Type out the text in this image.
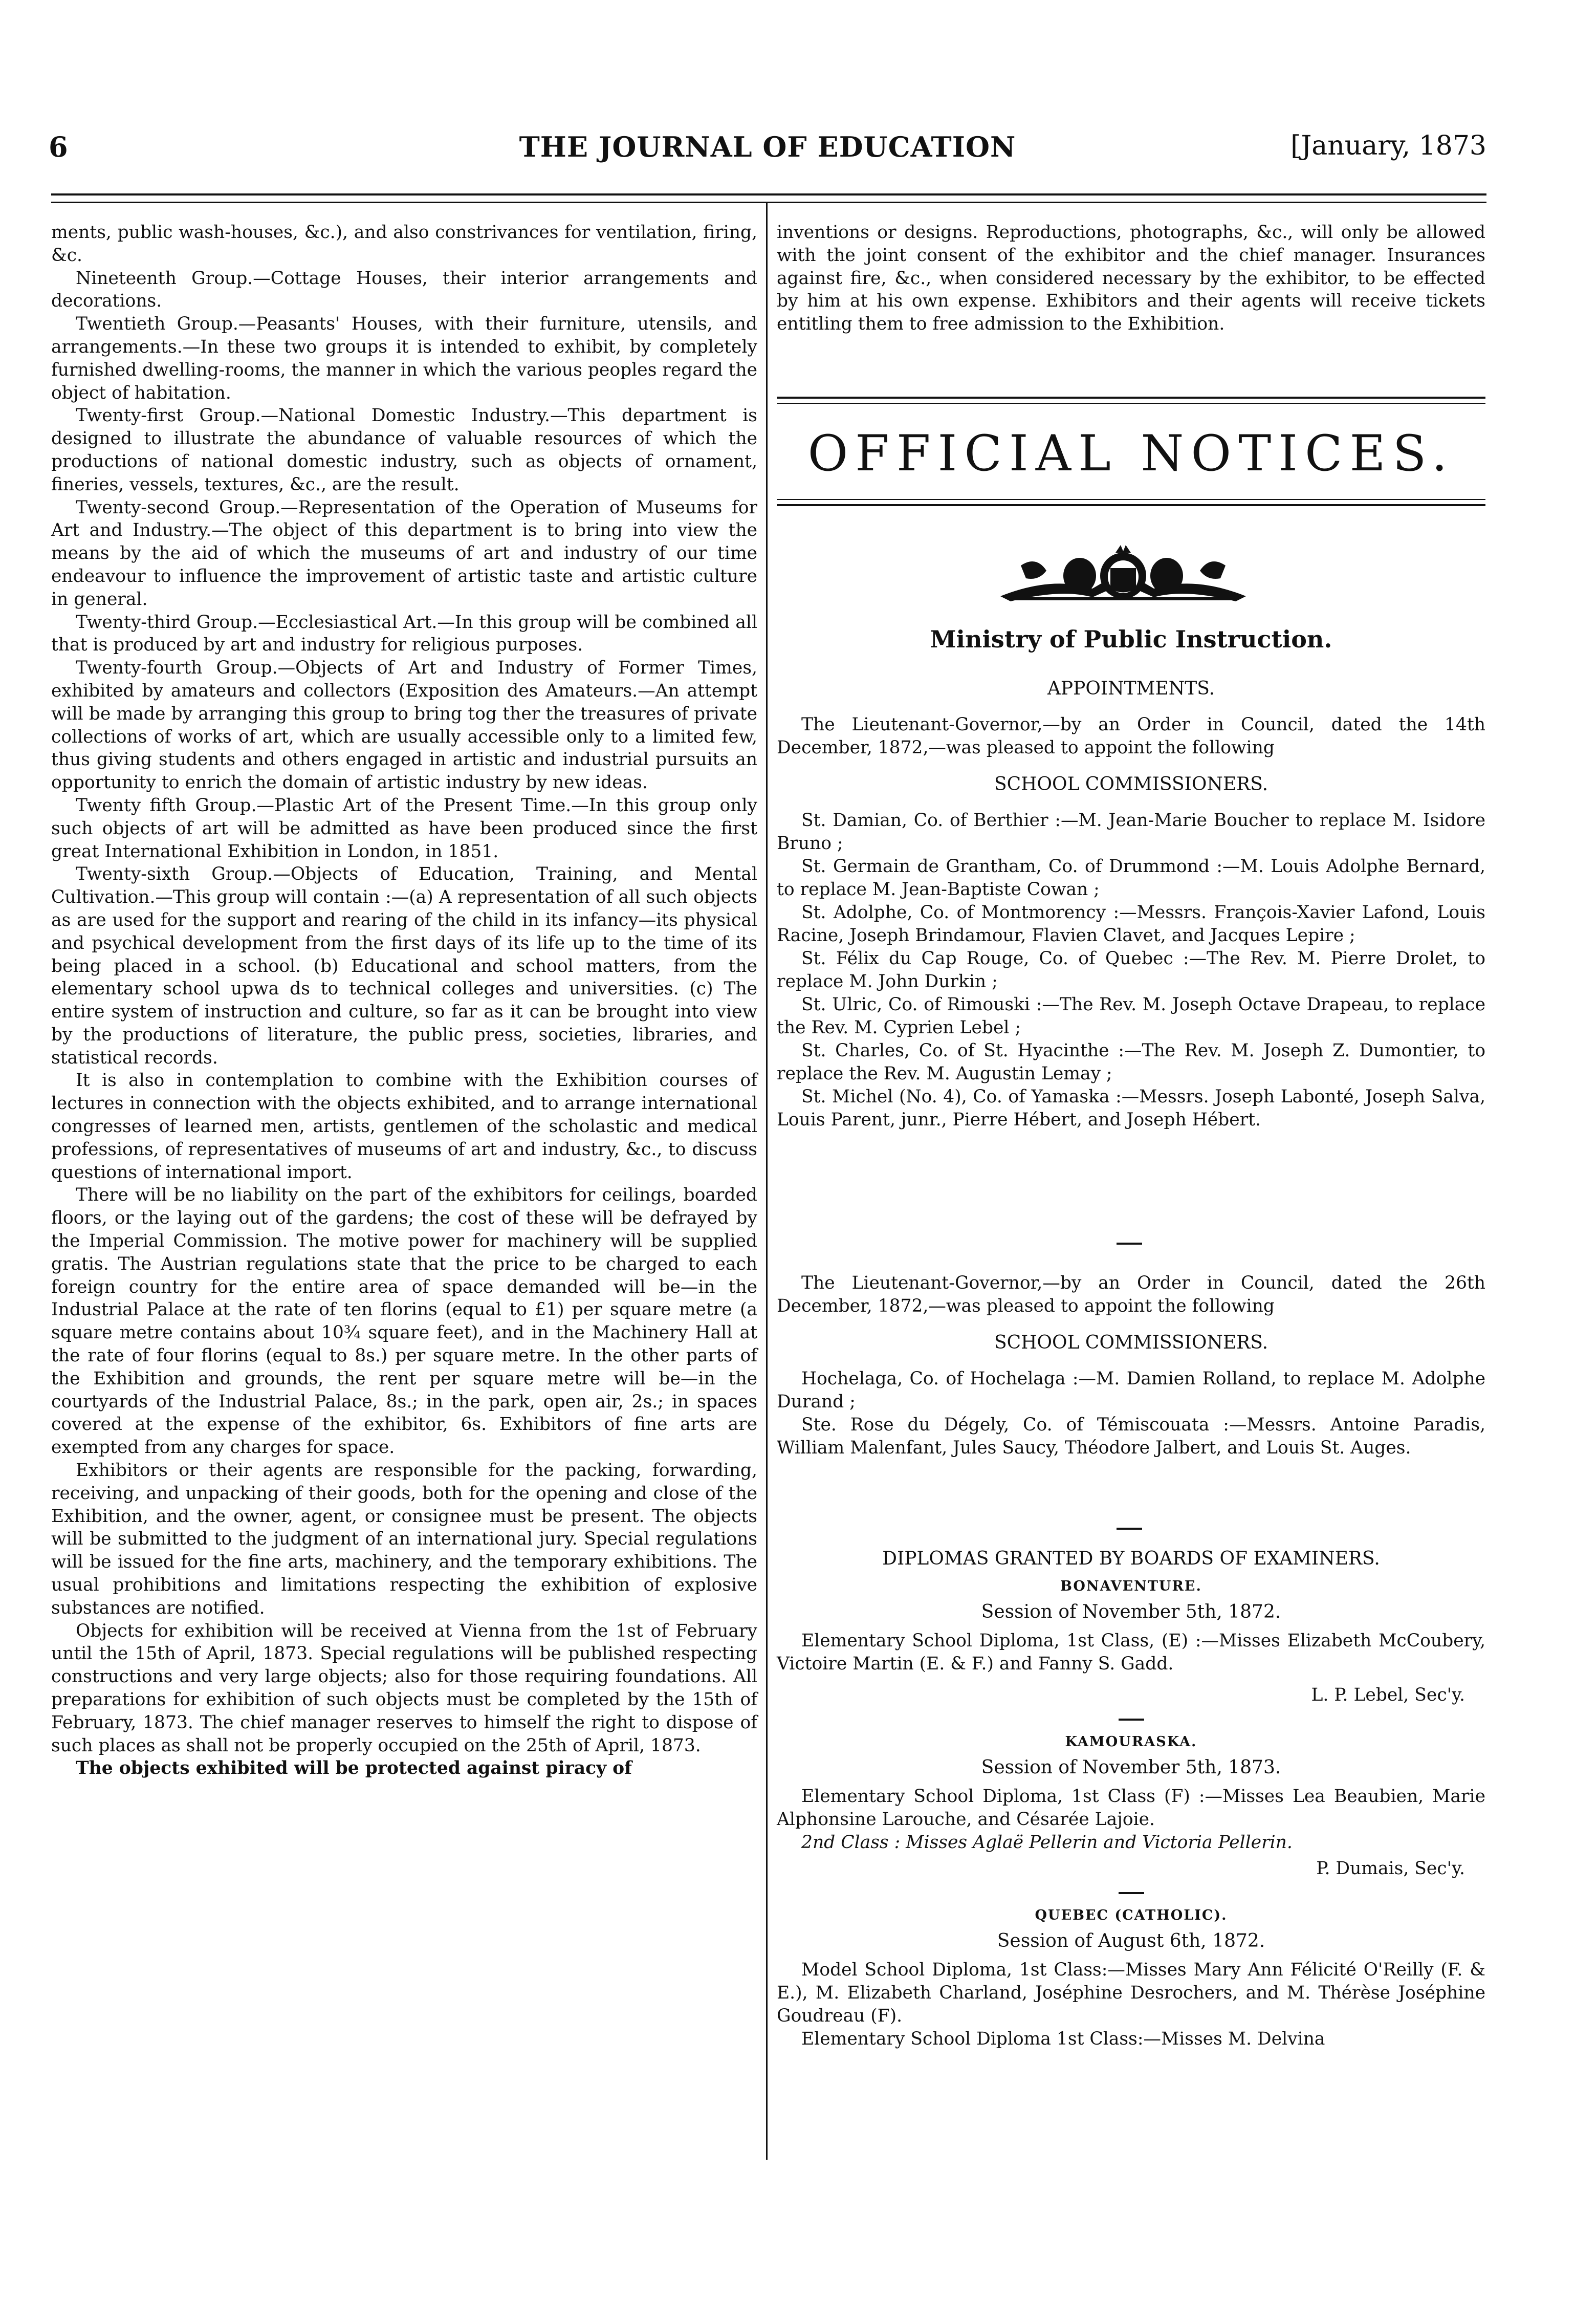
6	THE JOURNAL OF EDUCATION	[January, 1873

ments, public wash-houses, &c.), and also constrivances for ventilation, firing, &c.

Nineteenth Group.—Cottage Houses, their interior arrangements and decorations.

Twentieth Group.—Peasants' Houses, with their furniture, utensils, and arrangements.—In these two groups it is intended to exhibit, by completely furnished dwelling-rooms, the manner in which the various peoples regard the object of habitation.

Twenty-first Group.—National Domestic Industry.—This department is designed to illustrate the abundance of valuable resources of which the productions of national domestic industry, such as objects of ornament, fineries, vessels, textures, &c., are the result.

Twenty-second Group.—Representation of the Operation of Museums for Art and Industry.—The object of this department is to bring into view the means by the aid of which the museums of art and industry of our time endeavour to influence the improvement of artistic taste and artistic culture in general.

Twenty-third Group.—Ecclesiastical Art.—In this group will be combined all that is produced by art and industry for religious purposes.

Twenty-fourth Group.—Objects of Art and Industry of Former Times, exhibited by amateurs and collectors (Exposition des Amateurs.—An attempt will be made by arranging this group to bring tog ther the treasures of private collections of works of art, which are usually accessible only to a limited few, thus giving students and others engaged in artistic and industrial pursuits an opportunity to enrich the domain of artistic industry by new ideas.

Twenty fifth Group.—Plastic Art of the Present Time.—In this group only such objects of art will be admitted as have been produced since the first great International Exhibition in London, in 1851.

Twenty-sixth Group.—Objects of Education, Training, and Mental Cultivation.—This group will contain :—(a) A representation of all such objects as are used for the support and rearing of the child in its infancy—its physical and psychical development from the first days of its life up to the time of its being placed in a school. (b) Educational and school matters, from the elementary school upwa ds to technical colleges and universities. (c) The entire system of instruction and culture, so far as it can be brought into view by the productions of literature, the public press, societies, libraries, and statistical records.

It is also in contemplation to combine with the Exhibition courses of lectures in connection with the objects exhibited, and to arrange international congresses of learned men, artists, gentlemen of the scholastic and medical professions, of representatives of museums of art and industry, &c., to discuss questions of international import.

There will be no liability on the part of the exhibitors for ceilings, boarded floors, or the laying out of the gardens; the cost of these will be defrayed by the Imperial Commission. The motive power for machinery will be supplied gratis. The Austrian regulations state that the price to be charged to each foreign country for the entire area of space demanded will be—in the Industrial Palace at the rate of ten florins (equal to £1) per square metre (a square metre contains about 10¾ square feet), and in the Machinery Hall at the rate of four florins (equal to 8s.) per square metre. In the other parts of the Exhibition and grounds, the rent per square metre will be—in the courtyards of the Industrial Palace, 8s.; in the park, open air, 2s.; in spaces covered at the expense of the exhibitor, 6s. Exhibitors of fine arts are exempted from any charges for space.

Exhibitors or their agents are responsible for the packing, forwarding, receiving, and unpacking of their goods, both for the opening and close of the Exhibition, and the owner, agent, or consignee must be present. The objects will be submitted to the judgment of an international jury. Special regulations will be issued for the fine arts, machinery, and the temporary exhibitions. The usual prohibitions and limitations respecting the exhibition of explosive substances are notified.

Objects for exhibition will be received at Vienna from the 1st of February until the 15th of April, 1873. Special regulations will be published respecting constructions and very large objects; also for those requiring foundations. All preparations for exhibition of such objects must be completed by the 15th of February, 1873. The chief manager reserves to himself the right to dispose of such places as shall not be properly occupied on the 25th of April, 1873.

The objects exhibited will be protected against piracy of

inventions or designs. Reproductions, photographs, &c., will only be allowed with the joint consent of the exhibitor and the chief manager. Insurances against fire, &c., when considered necessary by the exhibitor, to be effected by him at his own expense. Exhibitors and their agents will receive tickets entitling them to free admission to the Exhibition.

OFFICIAL NOTICES.
Ministry of Public Instruction.
APPOINTMENTS.

The Lieutenant-Governor,—by an Order in Council, dated the 14th December, 1872,—was pleased to appoint the following

SCHOOL COMMISSIONERS.

St. Damian, Co. of Berthier :—M. Jean-Marie Boucher to replace M. Isidore Bruno ;

St. Germain de Grantham, Co. of Drummond :—M. Louis Adolphe Bernard, to replace M. Jean-Baptiste Cowan ;

St. Adolphe, Co. of Montmorency :—Messrs. François-Xavier Lafond, Louis Racine, Joseph Brindamour, Flavien Clavet, and Jacques Lepire ;

St. Félix du Cap Rouge, Co. of Quebec :—The Rev. M. Pierre Drolet, to replace M. John Durkin ;

St. Ulric, Co. of Rimouski :—The Rev. M. Joseph Octave Drapeau, to replace the Rev. M. Cyprien Lebel ;

St. Charles, Co. of St. Hyacinthe :—The Rev. M. Joseph Z. Dumontier, to replace the Rev. M. Augustin Lemay ;

St. Michel (No. 4), Co. of Yamaska :—Messrs. Joseph Labonté, Joseph Salva, Louis Parent, junr., Pierre Hébert, and Joseph Hébert.

The Lieutenant-Governor,—by an Order in Council, dated the 26th December, 1872,—was pleased to appoint the following

SCHOOL COMMISSIONERS.

Hochelaga, Co. of Hochelaga :—M. Damien Rolland, to replace M. Adolphe Durand ;

Ste. Rose du Dégely, Co. of Témiscouata :—Messrs. Antoine Paradis, William Malenfant, Jules Saucy, Théodore Jalbert, and Louis St. Auges.

DIPLOMAS GRANTED BY BOARDS OF EXAMINERS.
BONAVENTURE.
Session of November 5th, 1872.

Elementary School Diploma, 1st Class, (E) :—Misses Elizabeth McCoubery, Victoire Martin (E. & F.) and Fanny S. Gadd.

L. P. Lebel, Sec'y.
KAMOURASKA.
Session of November 5th, 1873.

Elementary School Diploma, 1st Class (F) :—Misses Lea Beaubien, Marie Alphonsine Larouche, and Césarée Lajoie.

2nd Class : Misses Aglaë Pellerin and Victoria Pellerin.

P. Dumais, Sec'y.
QUEBEC (CATHOLIC).
Session of August 6th, 1872.

Model School Diploma, 1st Class:—Misses Mary Ann Félicité O'Reilly (F. & E.), M. Elizabeth Charland, Joséphine Desrochers, and M. Thérèse Joséphine Goudreau (F).

Elementary School Diploma 1st Class:—Misses M. Delvina
